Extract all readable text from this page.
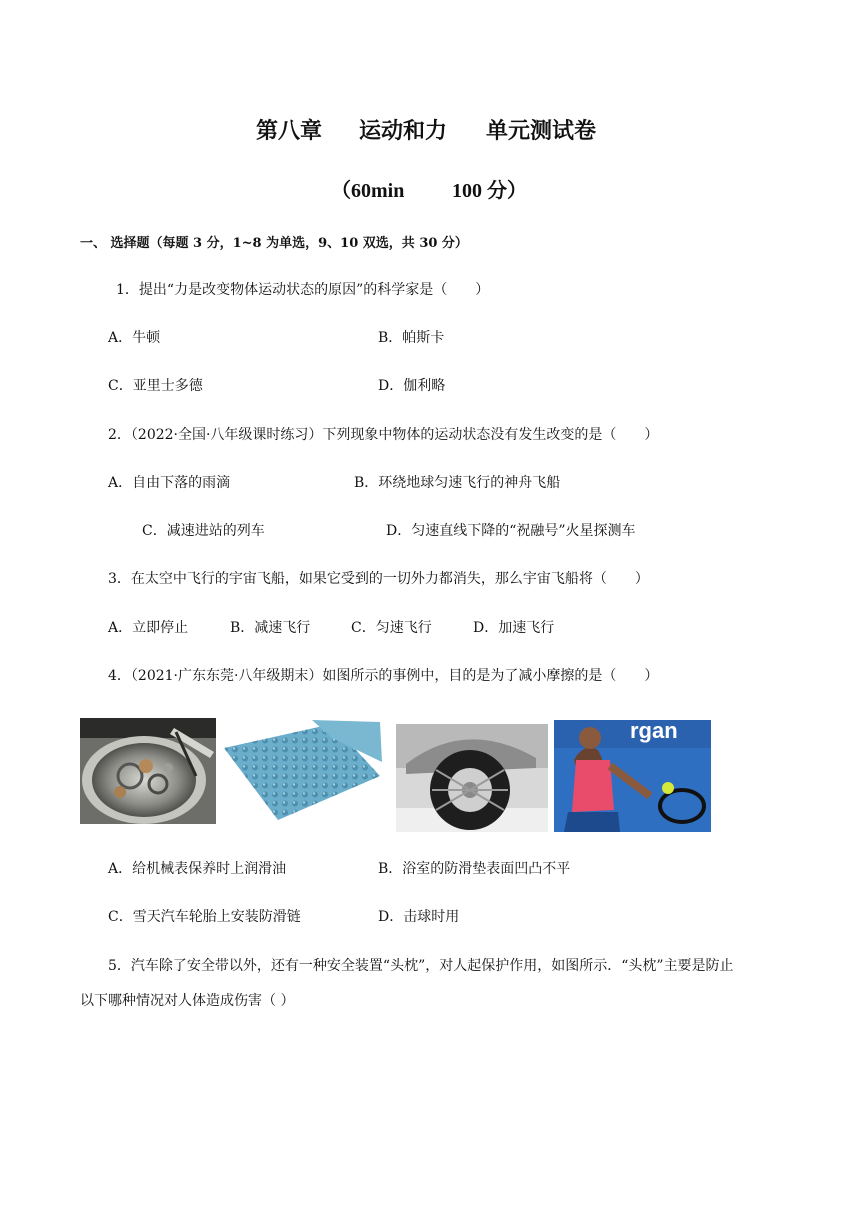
第八章 运动和力 单元测试卷
（60min 100 分）
一、 选择题（每题 3 分，1~8 为单选，9、10 双选，共 30 分）
1．提出“力是改变物体运动状态的原因”的科学家是（　　）
A．牛顿	B．帕斯卡
C．亚里士多德	D．伽利略
2．（2022·全国·八年级课时练习）下列现象中物体的运动状态没有发生改变的是（　　）
A．自由下落的雨滴	B．环绕地球匀速飞行的神舟飞船
C．减速进站的列车	D．匀速直线下降的“祝融号”火星探测车
3．在太空中飞行的宇宙飞船，如果它受到的一切外力都消失，那么宇宙飞船将（　　）
A．立即停止	B．减速飞行	C．匀速飞行	D．加速飞行
4．（2021·广东东莞·八年级期末）如图所示的事例中，目的是为了减小摩擦的是（　　）
rgan
A．给机械表保养时上润滑油	B．浴室的防滑垫表面凹凸不平
C．雪天汽车轮胎上安装防滑链	D．击球时用
5．汽车除了安全带以外，还有一种安全装置“头枕”，对人起保护作用，如图所示．“头枕”主要是防止
以下哪种情况对人体造成伤害（ ）
